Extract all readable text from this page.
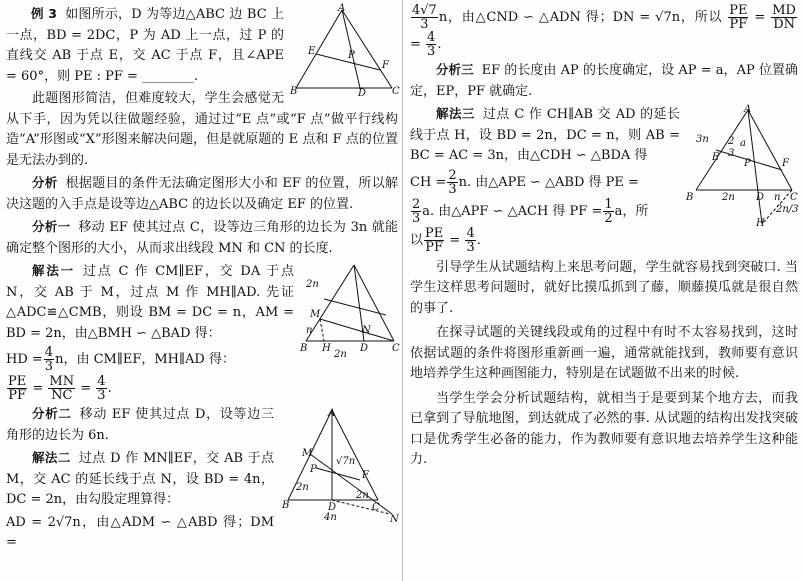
A
B	C
D
E
F
P

例 3 如图所示，D 为等边△ABC 边 BC 上一点，BD = 2DC，P 为 AD 上一点，过 P 的直线交 AB 于点 E，交 AC 于点 F，且∠APE = 60°，则 PE : PF = ________.

此题图形简洁，但难度较大，学生会感觉无从下手，因为凭以往做题经验，通过过“E 点”或“F 点”做平行线构造“A”形图或“X”形图来解决问题，但是就原题的 E 点和 F 点的位置是无法办到的.

分析 根据题目的条件无法确定图形大小和 EF 的位置，所以解决这题的入手点是设等边△ABC 的边长以及确定 EF 的位置.

分析一 移动 EF 使其过点 C，设等边三角形的边长为 3n 就能确定整个图形的大小，从而求出线段 MN 和 CN 的长度.

2n
M
n
B H	D
N
C
2n

解法一 过点 C 作 CM∥EF，交 DA 于点 N，交 AB 于 M，过点 M 作 MH∥AD. 先证△ADC≌△CMB，则设 BM = DC = n，AM = BD = 2n，由△BMH ∽ △BAD 得：

HD = $\frac{4}{3}$ n，由 CM∥EF，MH∥AD 得：

$\frac{PE}{PF} = \frac{MN}{NC} = \frac{4}{3}$ .

A
M
P
F
2n
B	D	C
N
√7n
2n
4n

分析二 移动 EF 使其过点 D，设等边三角形的边长为 6n.

解法二 过点 D 作 MN∥EF，交 AB 于点 M，交 AC 的延长线于点 N，设 BD = 4n，DC = 2n，由勾股定理算得：

AD = 2√7n，由△ADM ∽ △ABD 得；DM =

$\frac{4√7}{3}$ n，由△CND ∽ △ADN 得；DN = √7n，所以 $\frac{PE}{PF} = \frac{MD}{DN}$
= $\frac{4}{3}$ .

分析三 EF 的长度由 AP 的长度确定，设 AP = a，AP 位置确定，EP，PF 就确定.

A
3n
E
2 a
3
P	F
B	2n D n C
H
2n/3

解法三 过点 C 作 CH∥AB 交 AD 的延长线于点 H，设 BD = 2n，DC = n，则 AB = BC = AC = 3n，由△CDH ∽ △BDA 得

CH = $\frac{2}{3} n$. 由△APE ∽ △ABD 得 PE =

$\frac{2}{3} a$. 由△APF ∽ △ACH 得 PF = $\frac{1}{2}$ a，所

以 $\frac{PE}{PF} = \frac{4}{3}$ .

引导学生从试题结构上来思考问题，学生就容易找到突破口. 当学生这样思考问题时，就好比摸瓜抓到了藤，顺藤摸瓜就是很自然的事了.

在探寻试题的关键线段或角的过程中有时不太容易找到，这时依据试题的条件将图形重新画一遍，通常就能找到，教师要有意识地培养学生这种画图能力，特别是在试题做不出来的时候.

当学生学会分析试题结构，就相当于是要到某个地方去，而我已拿到了导航地图，到达就成了必然的事. 从试题的结构出发找突破口是优秀学生必备的能力，作为教师要有意识地去培养学生这种能力.
